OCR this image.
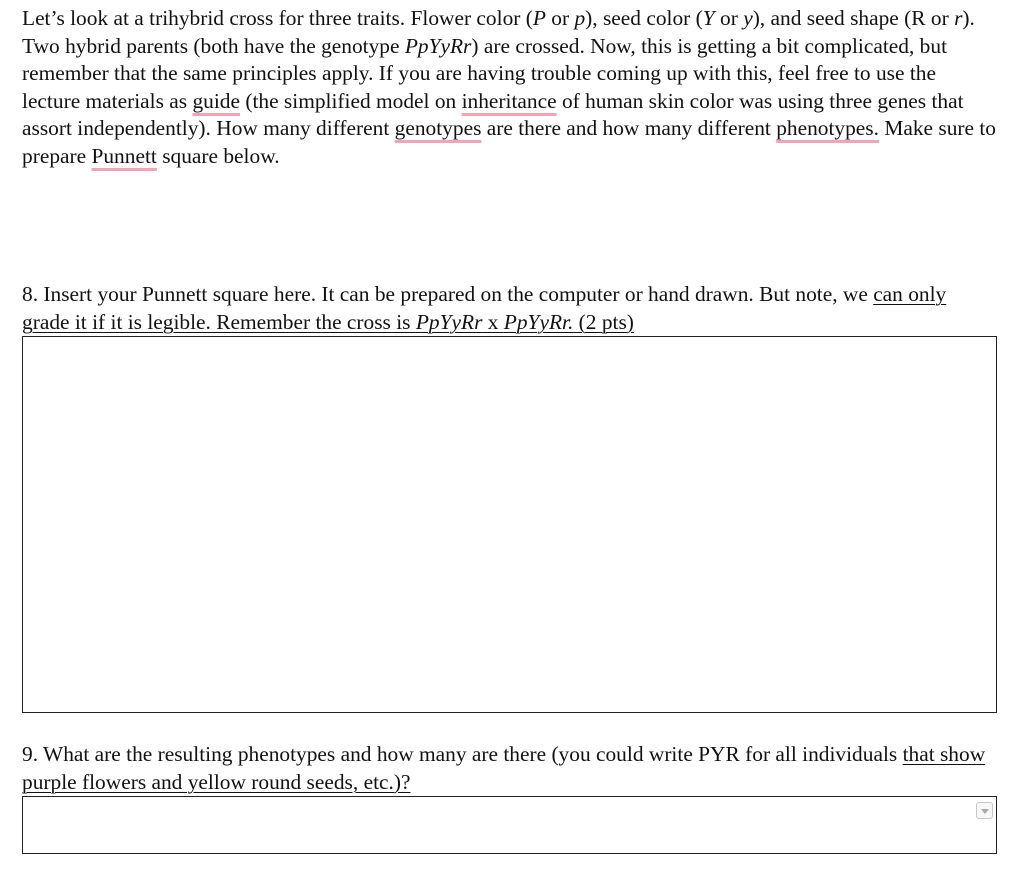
Let’s look at a trihybrid cross for three traits. Flower color (P or p), seed color (Y or y), and seed shape (R or r). Two hybrid parents (both have the genotype PpYyRr) are crossed. Now, this is getting a bit complicated, but remember that the same principles apply. If you are having trouble coming up with this, feel free to use the lecture materials as guide (the simplified model on inheritance of human skin color was using three genes that assort independently). How many different genotypes are there and how many different phenotypes. Make sure to prepare Punnett square below.

8. Insert your Punnett square here. It can be prepared on the computer or hand drawn. But note, we can only grade it if it is legible. Remember the cross is PpYyRr x PpYyRr. (2 pts)

9. What are the resulting phenotypes and how many are there (you could write PYR for all individuals that show purple flowers and yellow round seeds, etc.)?
